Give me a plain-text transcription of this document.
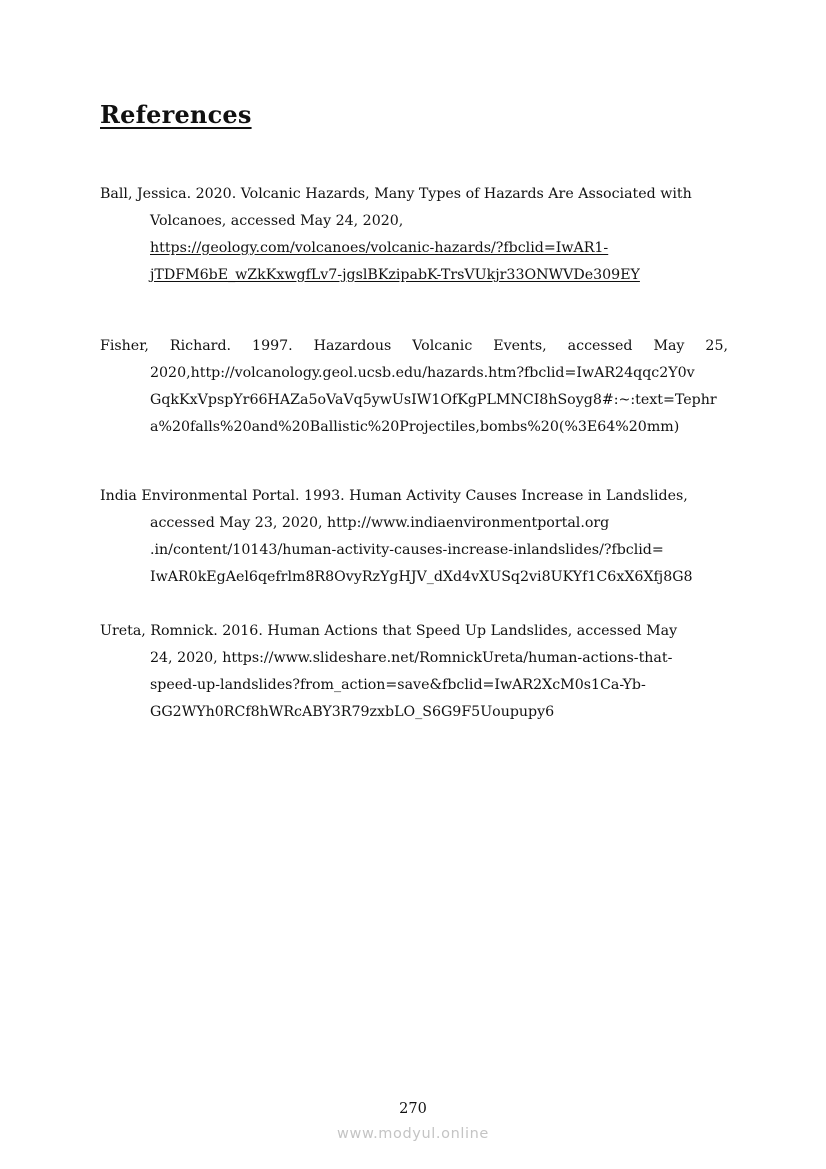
References

Ball, Jessica. 2020. Volcanic Hazards, Many Types of Hazards Are Associated with
Volcanoes, accessed May 24, 2020,
https://geology.com/volcanoes/volcanic-hazards/?fbclid=IwAR1-
jTDFM6bE_wZkKxwgfLv7-jgslBKzipabK-TrsVUkjr33ONWVDe309EY

Fisher, Richard. 1997. Hazardous Volcanic Events, accessed May 25,
2020,http://volcanology.geol.ucsb.edu/hazards.htm?fbclid=IwAR24qqc2Y0v
GqkKxVpspYr66HAZa5oVaVq5ywUsIW1OfKgPLMNCI8hSoyg8#:~:text=Tephr
a%20falls%20and%20Ballistic%20Projectiles,bombs%20(%3E64%20mm)

India Environmental Portal. 1993. Human Activity Causes Increase in Landslides,
accessed May 23, 2020, http://www.indiaenvironmentportal.org
.in/content/10143/human-activity-causes-increase-inlandslides/?fbclid=
IwAR0kEgAel6qefrlm8R8OvyRzYgHJV_dXd4vXUSq2vi8UKYf1C6xX6Xfj8G8

Ureta, Romnick. 2016. Human Actions that Speed Up Landslides, accessed May
24, 2020, https://www.slideshare.net/RomnickUreta/human-actions-that-
speed-up-landslides?from_action=save&fbclid=IwAR2XcM0s1Ca-Yb-
GG2WYh0RCf8hWRcABY3R79zxbLO_S6G9F5Uoupupy6

270
www.modyul.online
